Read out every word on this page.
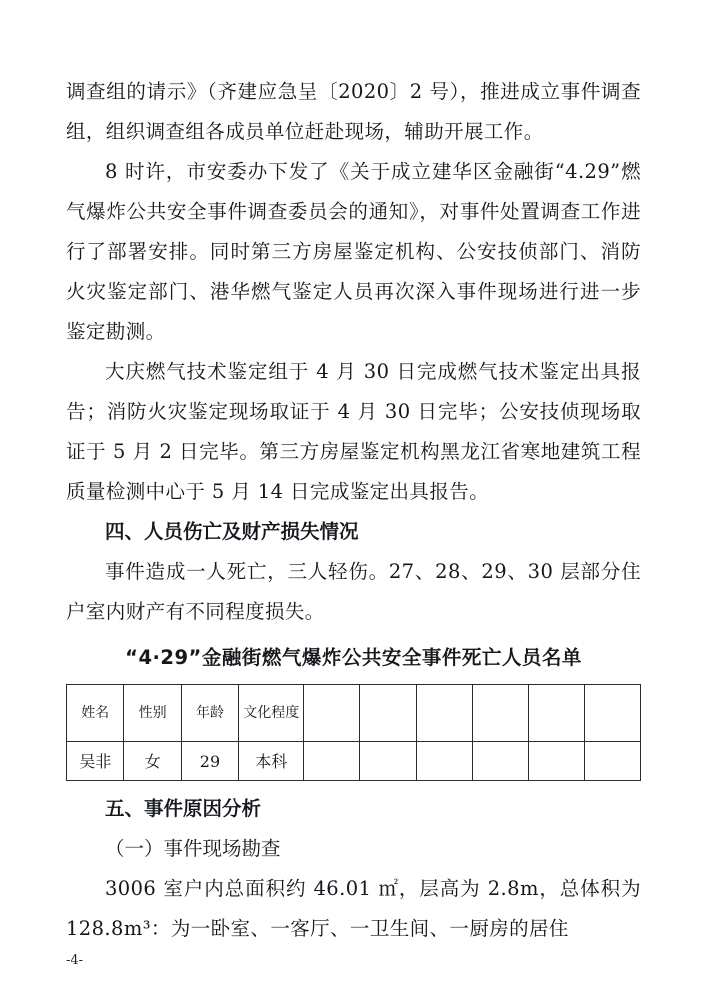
调查组的请示》（齐建应急呈〔2020〕2 号），推进成立事件调查组，组织调查组各成员单位赶赴现场，辅助开展工作。

8 时许，市安委办下发了《关于成立建华区金融街“4.29”燃气爆炸公共安全事件调查委员会的通知》，对事件处置调查工作进行了部署安排。同时第三方房屋鉴定机构、公安技侦部门、消防火灾鉴定部门、港华燃气鉴定人员再次深入事件现场进行进一步鉴定勘测。

大庆燃气技术鉴定组于 4 月 30 日完成燃气技术鉴定出具报告；消防火灾鉴定现场取证于 4 月 30 日完毕；公安技侦现场取证于 5 月 2 日完毕。第三方房屋鉴定机构黑龙江省寒地建筑工程质量检测中心于 5 月 14 日完成鉴定出具报告。

四、人员伤亡及财产损失情况

事件造成一人死亡，三人轻伤。27、28、29、30 层部分住户室内财产有不同程度损失。

“4·29”金融街燃气爆炸公共安全事件死亡人员名单

姓名	性别	年龄	文化程度						
吴非	女	29	本科						

五、事件原因分析

（一）事件现场勘查

3006 室户内总面积约 46.01 ㎡，层高为 2.8m，总体积为 128.8m³：为一卧室、一客厅、一卫生间、一厨房的居住

-4-
